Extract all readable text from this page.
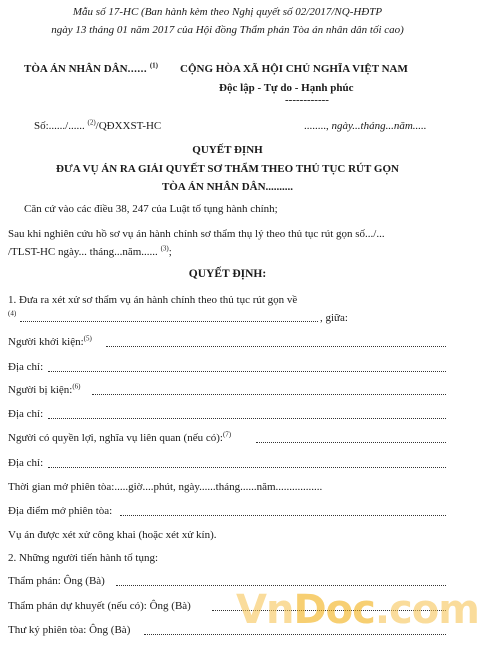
Mẫu số 17-HC (Ban hành kèm theo Nghị quyết số 02/2017/NQ-HĐTP
ngày 13 tháng 01 năm 2017 của Hội đồng Thẩm phán Tòa án nhân dân tối cao)
TÒA ÁN NHÂN DÂN...... $^{(1)}$ CỘNG HÒA XÃ HỘI CHỦ NGHĨA VIỆT NAM
Độc lập - Tự do - Hạnh phúc
------------
Số:....../...... $^{(2)}$/QĐXXST-HC	........, ngày...tháng...năm.....
QUYẾT ĐỊNH
ĐƯA VỤ ÁN RA GIẢI QUYẾT SƠ THẨM THEO THỦ TỤC RÚT GỌN
TÒA ÁN NHÂN DÂN..........
Căn cứ vào các điều 38, 247 của Luật tố tụng hành chính;
Sau khi nghiên cứu hồ sơ vụ án hành chính sơ thẩm thụ lý theo thủ tục rút gọn số.../...
/TLST-HC ngày... tháng...năm...... $^{(3)}$;
QUYẾT ĐỊNH:
1. Đưa ra xét xử sơ thẩm vụ án hành chính theo thủ tục rút gọn về
$^{(4)}$	, giữa:
Người khởi kiện:$^{(5)}$
Địa chỉ:
Người bị kiện:$^{(6)}$
Địa chỉ:
Người có quyền lợi, nghĩa vụ liên quan (nếu có):$^{(7)}$
Địa chỉ:
Thời gian mở phiên tòa:.....giờ....phút, ngày......tháng......năm.................
Địa điểm mở phiên tòa:
Vụ án được xét xử công khai (hoặc xét xử kín).
2. Những người tiến hành tố tụng:
Thẩm phán: Ông (Bà)
Thẩm phán dự khuyết (nếu có): Ông (Bà)
Thư ký phiên tòa: Ông (Bà)	VnDoc.com
